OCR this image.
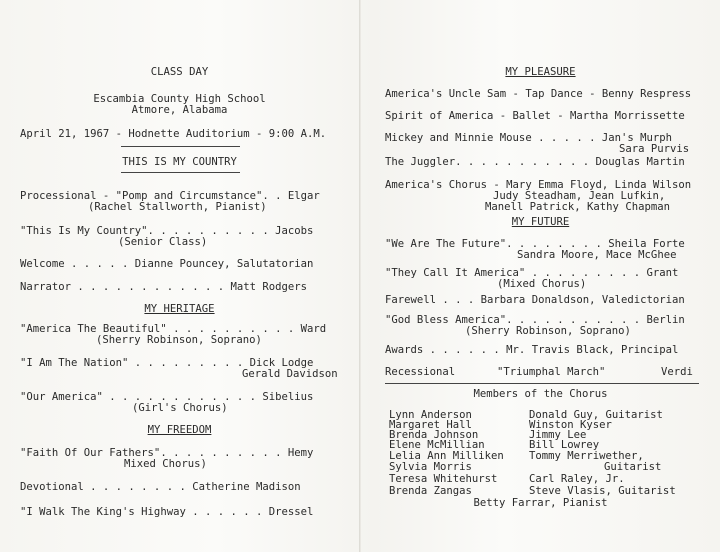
CLASS DAY
Escambia County High School
Atmore, Alabama
April 21, 1967 - Hodnette Auditorium - 9:00 A.M.
THIS IS MY COUNTRY
Processional - "Pomp and Circumstance". . Elgar
(Rachel Stallworth, Pianist)
"This Is My Country". . . . . . . . . . Jacobs
(Senior Class)
Welcome . . . . . Dianne Pouncey, Salutatorian
Narrator . . . . . . . . . . . . Matt Rodgers
MY HERITAGE
"America The Beautiful" . . . . . . . . . . Ward
(Sherry Robinson, Soprano)
"I Am The Nation" . . . . . . . . . Dick Lodge
Gerald Davidson
"Our America" . . . . . . . . . . . . Sibelius
(Girl's Chorus)
MY FREEDOM
"Faith Of Our Fathers". . . . . . . . . . Hemy
Mixed Chorus)
Devotional . . . . . . . . Catherine Madison
"I Walk The King's Highway . . . . . . Dressel
MY PLEASURE
America's Uncle Sam - Tap Dance - Benny Respress
Spirit of America - Ballet - Martha Morrissette
Mickey and Minnie Mouse . . . . . Jan's Murph
Sara Purvis
The Juggler. . . . . . . . . . . Douglas Martin
America's Chorus - Mary Emma Floyd, Linda Wilson
Judy Steadham, Jean Lufkin,
Manell Patrick, Kathy Chapman
MY FUTURE
"We Are The Future". . . . . . . . Sheila Forte
Sandra Moore, Mace McGhee
"They Call It America" . . . . . . . . . Grant
(Mixed Chorus)
Farewell . . . Barbara Donaldson, Valedictorian
"God Bless America". . . . . . . . . . . Berlin
(Sherry Robinson, Soprano)
Awards . . . . . . Mr. Travis Black, Principal
Recessional	"Triumphal March"	Verdi
Members of the Chorus
Lynn Anderson
Margaret Hall
Brenda Johnson
Elene McMillian
Lelia Ann Milliken
Sylvia Morris
Teresa Whitehurst
Brenda Zangas
Donald Guy, Guitarist
Winston Kyser
Jimmy Lee
Bill Lowrey
Tommy Merriwether,
Guitarist
Carl Raley, Jr.
Steve Vlasis, Guitarist
Betty Farrar, Pianist
